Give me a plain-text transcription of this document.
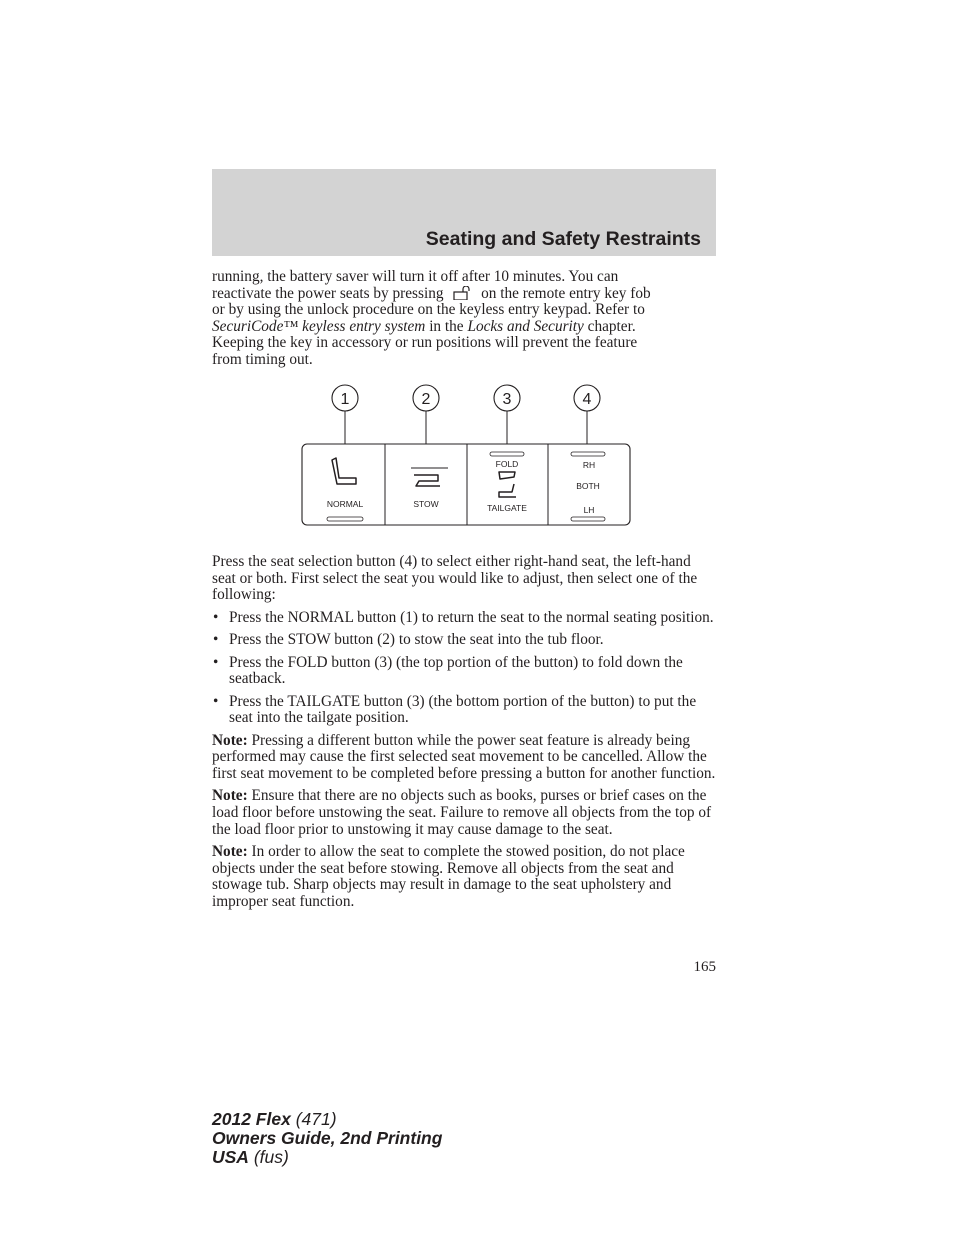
Seating and Safety Restraints

running, the battery saver will turn it off after 10 minutes. You can

reactivate the power seats by pressing on the remote entry key fob

or by using the unlock procedure on the keyless entry keypad. Refer to

SecuriCode™ keyless entry system in the Locks and Security chapter.

Keeping the key in accessory or run positions will prevent the feature

from timing out.

1	2	3	4
NORMAL	STOW
FOLD
TAILGATE
RH
BOTH
LH

Press the seat selection button (4) to select either right-hand seat, the left-hand seat or both. First select the seat you would like to adjust, then select one of the following:

• Press the NORMAL button (1) to return the seat to the normal seating position.
• Press the STOW button (2) to stow the seat into the tub floor.
• Press the FOLD button (3) (the top portion of the button) to fold down the seatback.
• Press the TAILGATE button (3) (the bottom portion of the button) to put the seat into the tailgate position.

Note: Pressing a different button while the power seat feature is already being performed may cause the first selected seat movement to be cancelled. Allow the first seat movement to be completed before pressing a button for another function.

Note: Ensure that there are no objects such as books, purses or brief cases on the load floor before unstowing the seat. Failure to remove all objects from the top of the load floor prior to unstowing it may cause damage to the seat.

Note: In order to allow the seat to complete the stowed position, do not place objects under the seat before stowing. Remove all objects from the seat and stowage tub. Sharp objects may result in damage to the seat upholstery and improper seat function.

165
2012 Flex (471)
Owners Guide, 2nd Printing
USA (fus)
